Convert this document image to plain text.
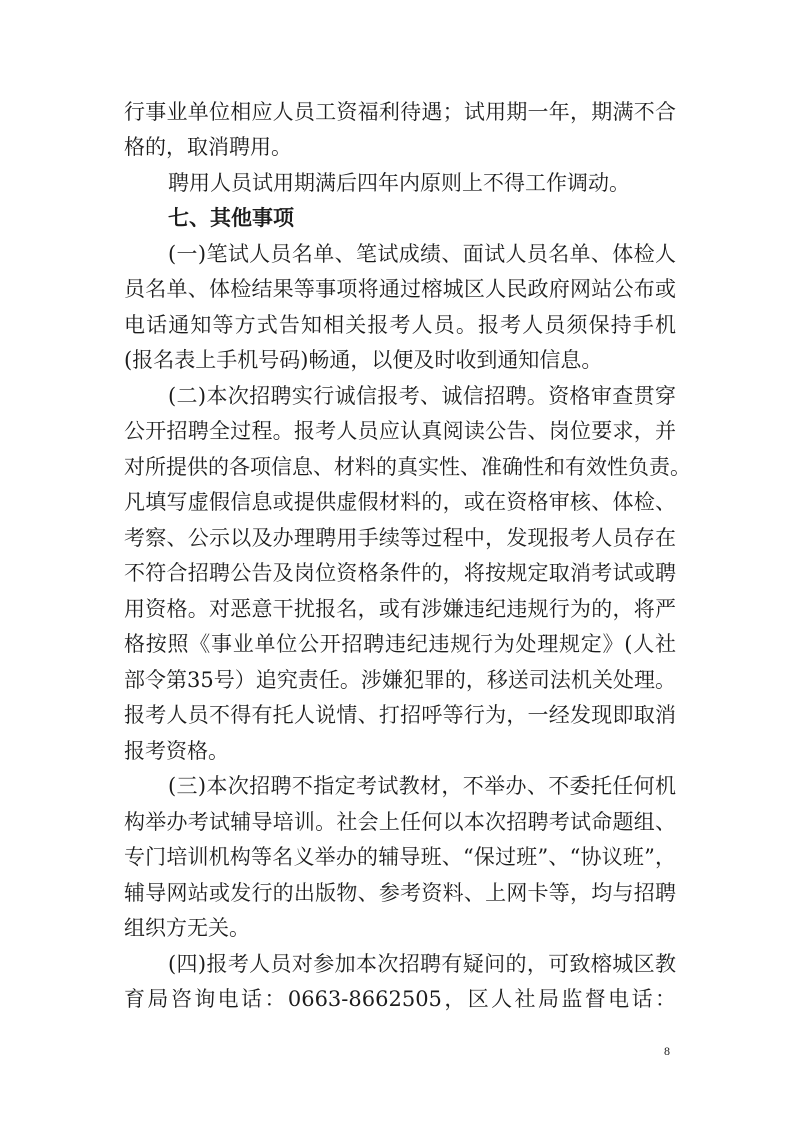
行事业单位相应人员工资福利待遇；试用期一年，期满不合
格的，取消聘用。
聘用人员试用期满后四年内原则上不得工作调动。
七、其他事项
(一)笔试人员名单、笔试成绩、面试人员名单、体检人
员名单、体检结果等事项将通过榕城区人民政府网站公布或
电话通知等方式告知相关报考人员。报考人员须保持手机
(报名表上手机号码)畅通，以便及时收到通知信息。
(二)本次招聘实行诚信报考、诚信招聘。资格审查贯穿
公开招聘全过程。报考人员应认真阅读公告、岗位要求，并
对所提供的各项信息、材料的真实性、准确性和有效性负责。
凡填写虚假信息或提供虚假材料的，或在资格审核、体检、
考察、公示以及办理聘用手续等过程中，发现报考人员存在
不符合招聘公告及岗位资格条件的，将按规定取消考试或聘
用资格。对恶意干扰报名，或有涉嫌违纪违规行为的，将严
格按照《事业单位公开招聘违纪违规行为处理规定》(人社
部令第35号）追究责任。涉嫌犯罪的，移送司法机关处理。
报考人员不得有托人说情、打招呼等行为，一经发现即取消
报考资格。
(三)本次招聘不指定考试教材，不举办、不委托任何机
构举办考试辅导培训。社会上任何以本次招聘考试命题组、
专门培训机构等名义举办的辅导班、“保过班”、“协议班”，
辅导网站或发行的出版物、参考资料、上网卡等，均与招聘
组织方无关。
(四)报考人员对参加本次招聘有疑问的，可致榕城区教
育局咨询电话：0663-8662505，区人社局监督电话：
8
